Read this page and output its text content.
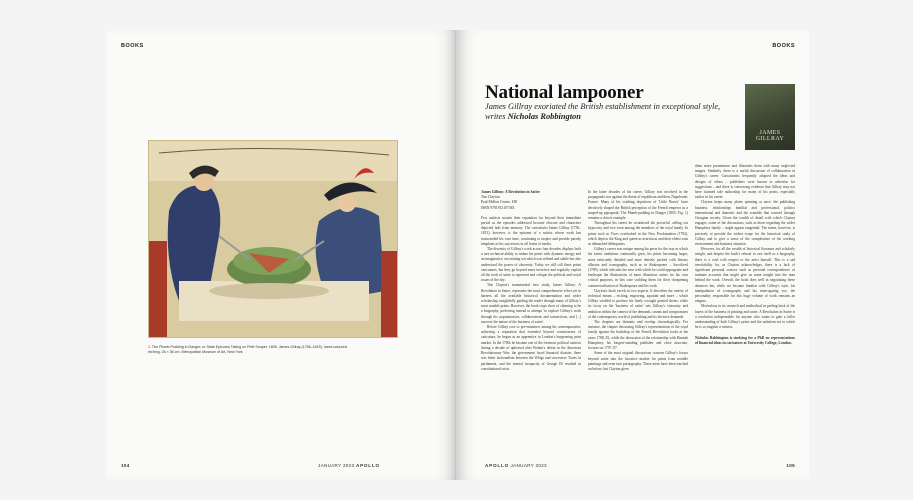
BOOKS
1. The Plumb-Pudding in Danger; or State Epicures Taking un Petit Souper, 1805, James Gillray (1756–1815), hand-coloured etching, 26 × 36 cm. Metropolitan Museum of Art, New York
104	JANUARY 2023 APOLLO
BOOKS
National lampooner
James Gillray exoriated the British establishment in exceptional style, writes Nicholas Robbington
JAMES GILLRAY
James Gillray: A Revolution in Satire
Tim Clayton
Paul Mellon Centre, £50
ISBN 9781913107383

Few satirists sustain their reputation far beyond their immediate period as the episodes addressed become obscure and characters depicted fade from memory. The caricaturist James Gillray (1756–1815), however, is the epitome of a satirist whose work has transcended his own time, continuing to inspire and provide parody templates to his successors in all forms of media.

The diversity of Gillray's work across four decades displays both a rare technical ability to imbue his prints with dynamic energy and an imaginative, excoriating wit which was refined and subtle but also understood the power of obscenity. Today we still call these prints caricatures, but they go beyond mere invective and regularly exploit all the tools of satire to represent and critique the political and social issues of the day.

Tim Clayton's monumental new study, James Gillray: A Revolution in Satire, represents the most comprehensive effort yet to harness all the available historical documentation and wider scholarship, insightfully guiding the reader through many of Gillray's most notable prints. However, the book stops short of claiming to be a biography, preferring instead to attempt 'to explore Gillray's work through his acquaintances, collaborations and connections, and [...] uncover the nature of the business of satire'.

Before Gillray rose to pre-eminence among his contemporaries, achieving a reputation that extended beyond connoisseurs of caricature, he began as an apprentice in London's burgeoning print market. In the 1780s he became one of the foremost political satirists during a decade of upheaval after Britain's defeat in the American Revolutionary War: the government faced financial disaster, there was bitter factionalism between the Whigs and successive Tories in parliament, and the mental incapacity of George III resulted in constitutional crisis.

In the latter decades of his career, Gillray was involved in the propaganda war against the threat of republican and then, Napoleonic France. Many of his scathing depictions of 'Little Boney' have decisively shaped the British perception of the French emperor as a moped-up pipsqueak; The Plumb-pudding in Danger (1805; Fig. 1) remains a classic example.

Throughout his career he scrutinised the powerful, calling out hypocrisy and vice even among the members of the royal family. In prints such as Vices overlooked in the New Proclamation (1792), which depicts the King and queen as avaricious and their eldest sons as debauched delinquents.

Gillray's career was unique among his peers for the way in which his satiric ambitions continually grew, his prints becoming larger, more intricately detailed and more densely packed with literary allusion and iconography, such as in Shakespeare – Sacrificed (1789), which ridicules the ease with which he could appropriate and burlesque the illustrations of more illustrious artists for his own critical purposes, in this case scolding them for their cheapening commercialisation of Shakespeare and his work.

Clayton's book excels in two aspects. It describes the variety of technical means – etching, engraving, aquatint and more – which Gillray wielded to produce his finely wrought printed sheets, while its focus on the 'business of satire' sets Gillray's virtuosity and ambition within the context of the demands, strains and compromises of the contemporary world of publishing and its decisive demands.

The chapters are thematic and overlap chronologically. For instance, the chapter discussing Gillray's representations of the royal family against the backdrop of the French Revolution looks at the years 1788–93, while the discussion of the relationship with Hannah Humphrey, his longest-standing publisher and close associate, focuses on 1797–97.

Some of the most original discussions concern Gillray's forays beyond satire into the lucrative market for prints from notable paintings and even into pornography. These areas have been touched on before, but Clayton gives

them more prominence and illustrates them with many neglected images. Similarly, there is a useful discussion of collaboration in Gillray's career. Caricaturists frequently adopted the ideas and designs of others – publishers were known to advertise for suggestions – and there is convincing evidence that Gillray may not have claimed sole authorship for many of his prints, especially earlier in his career.

Clayton keeps many plates spinning at once: the publishing business, relationships familial and professional, politics international and domestic and the scandals that coursed through Georgian society. Given the wealth of detail with which Clayton engages, some of the discussions, such as those regarding the wider Humphrey family – might appear tangential. The intent, however, is precisely to provide the widest scope for the historical study of Gillray and to give a sense of the complexities of his working environment and business situation.

However, for all the wealth of historical literature and scholarly insight, and despite the book's refusal to cast itself as a biography, there is a void with respect to the artist himself. This is a sad inevitability for, as Clayton acknowledges, there is a lack of significant personal sources such as personal correspondence or intimate accounts that might give us some insight into the man behind the work. Overall, the book does well in negotiating these absences but, while we become familiar with Gillray's style, his manipulation of iconography and his interrogating eye, the personality responsible for this huge volume of work remains an enigma.

Meticulous in its research and methodical in peeling back of the layers of the business of printing and satire, A Revolution in Satire is a resolution indispensable for anyone who wants to gain a fuller understanding of both Gillray's prints and the turbulent era to which he is so singular a witness.

Nicholas Robbington is studying for a PhD on representations of financial ideas in caricature at University College, London.
APOLLO JANUARY 2023	105
